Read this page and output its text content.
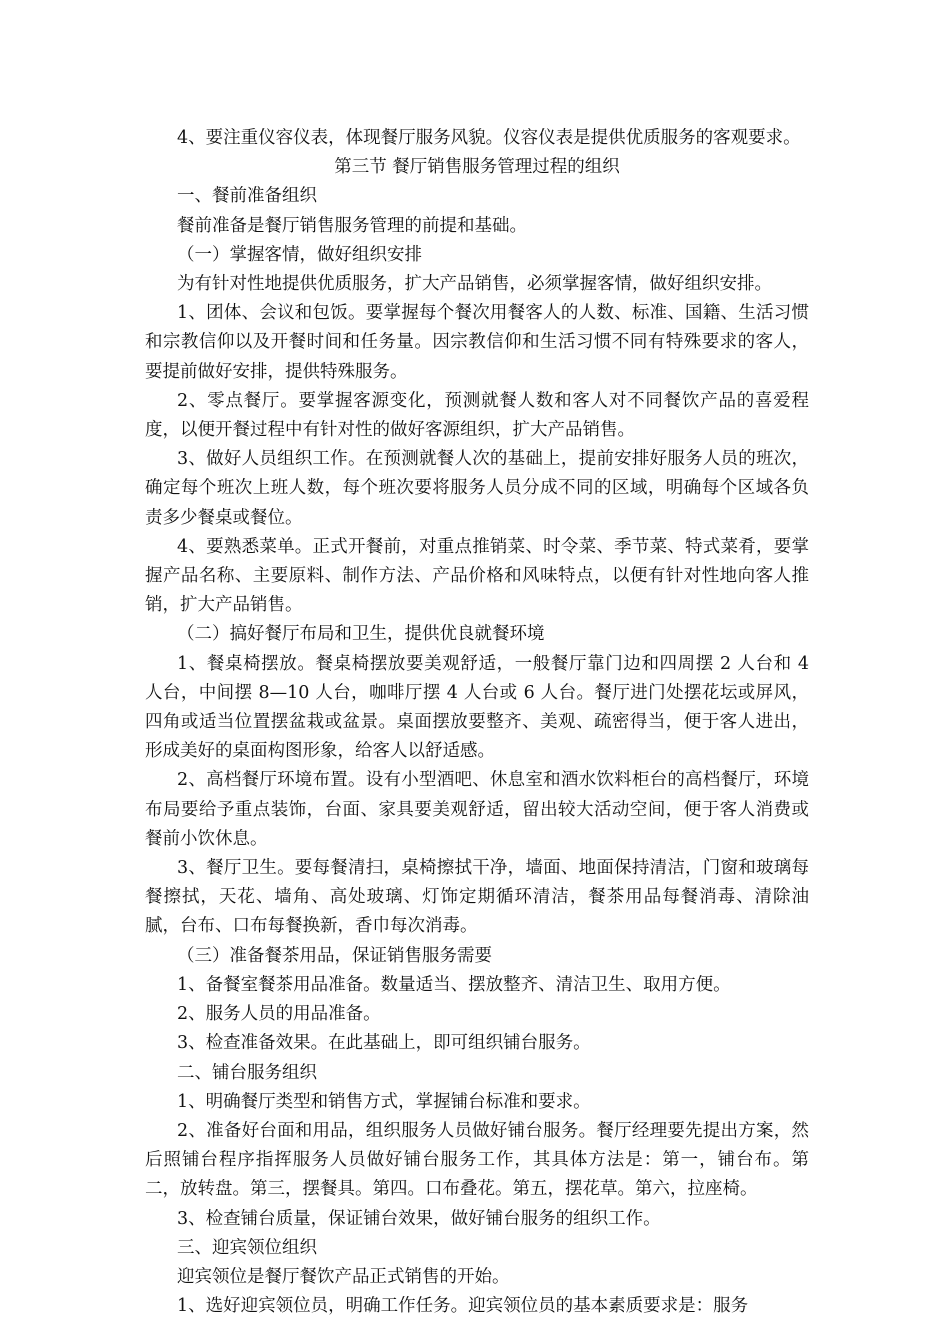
4、要注重仪容仪表，体现餐厅服务风貌。仪容仪表是提供优质服务的客观要求。

第三节 餐厅销售服务管理过程的组织

一、餐前准备组织

餐前准备是餐厅销售服务管理的前提和基础。

（一）掌握客情，做好组织安排

为有针对性地提供优质服务，扩大产品销售，必须掌握客情，做好组织安排。

1、团体、会议和包饭。要掌握每个餐次用餐客人的人数、标准、国籍、生活习惯和宗教信仰以及开餐时间和任务量。因宗教信仰和生活习惯不同有特殊要求的客人，要提前做好安排，提供特殊服务。

2、零点餐厅。要掌握客源变化，预测就餐人数和客人对不同餐饮产品的喜爱程度，以便开餐过程中有针对性的做好客源组织，扩大产品销售。

3、做好人员组织工作。在预测就餐人次的基础上，提前安排好服务人员的班次，确定每个班次上班人数，每个班次要将服务人员分成不同的区域，明确每个区域各负责多少餐桌或餐位。

4、要熟悉菜单。正式开餐前，对重点推销菜、时令菜、季节菜、特式菜肴，要掌握产品名称、主要原料、制作方法、产品价格和风味特点，以便有针对性地向客人推销，扩大产品销售。

（二）搞好餐厅布局和卫生，提供优良就餐环境

1、餐桌椅摆放。餐桌椅摆放要美观舒适，一般餐厅靠门边和四周摆 2 人台和 4 人台，中间摆 8—10 人台，咖啡厅摆 4 人台或 6 人台。餐厅进门处摆花坛或屏风，四角或适当位置摆盆栽或盆景。桌面摆放要整齐、美观、疏密得当，便于客人进出，形成美好的桌面构图形象，给客人以舒适感。

2、高档餐厅环境布置。设有小型酒吧、休息室和酒水饮料柜台的高档餐厅，环境布局要给予重点装饰，台面、家具要美观舒适，留出较大活动空间，便于客人消费或餐前小饮休息。

3、餐厅卫生。要每餐清扫，桌椅擦拭干净，墙面、地面保持清洁，门窗和玻璃每餐擦拭，天花、墙角、高处玻璃、灯饰定期循环清洁，餐茶用品每餐消毒、清除油腻，台布、口布每餐换新，香巾每次消毒。

（三）准备餐茶用品，保证销售服务需要

1、备餐室餐茶用品准备。数量适当、摆放整齐、清洁卫生、取用方便。

2、服务人员的用品准备。

3、检查准备效果。在此基础上，即可组织铺台服务。

二、铺台服务组织

1、明确餐厅类型和销售方式，掌握铺台标准和要求。

2、准备好台面和用品，组织服务人员做好铺台服务。餐厅经理要先提出方案，然后照铺台程序指挥服务人员做好铺台服务工作，其具体方法是：第一，铺台布。第二，放转盘。第三，摆餐具。第四。口布叠花。第五，摆花草。第六，拉座椅。

3、检查铺台质量，保证铺台效果，做好铺台服务的组织工作。

三、迎宾领位组织

迎宾领位是餐厅餐饮产品正式销售的开始。

1、选好迎宾领位员，明确工作任务。迎宾领位员的基本素质要求是：服务
